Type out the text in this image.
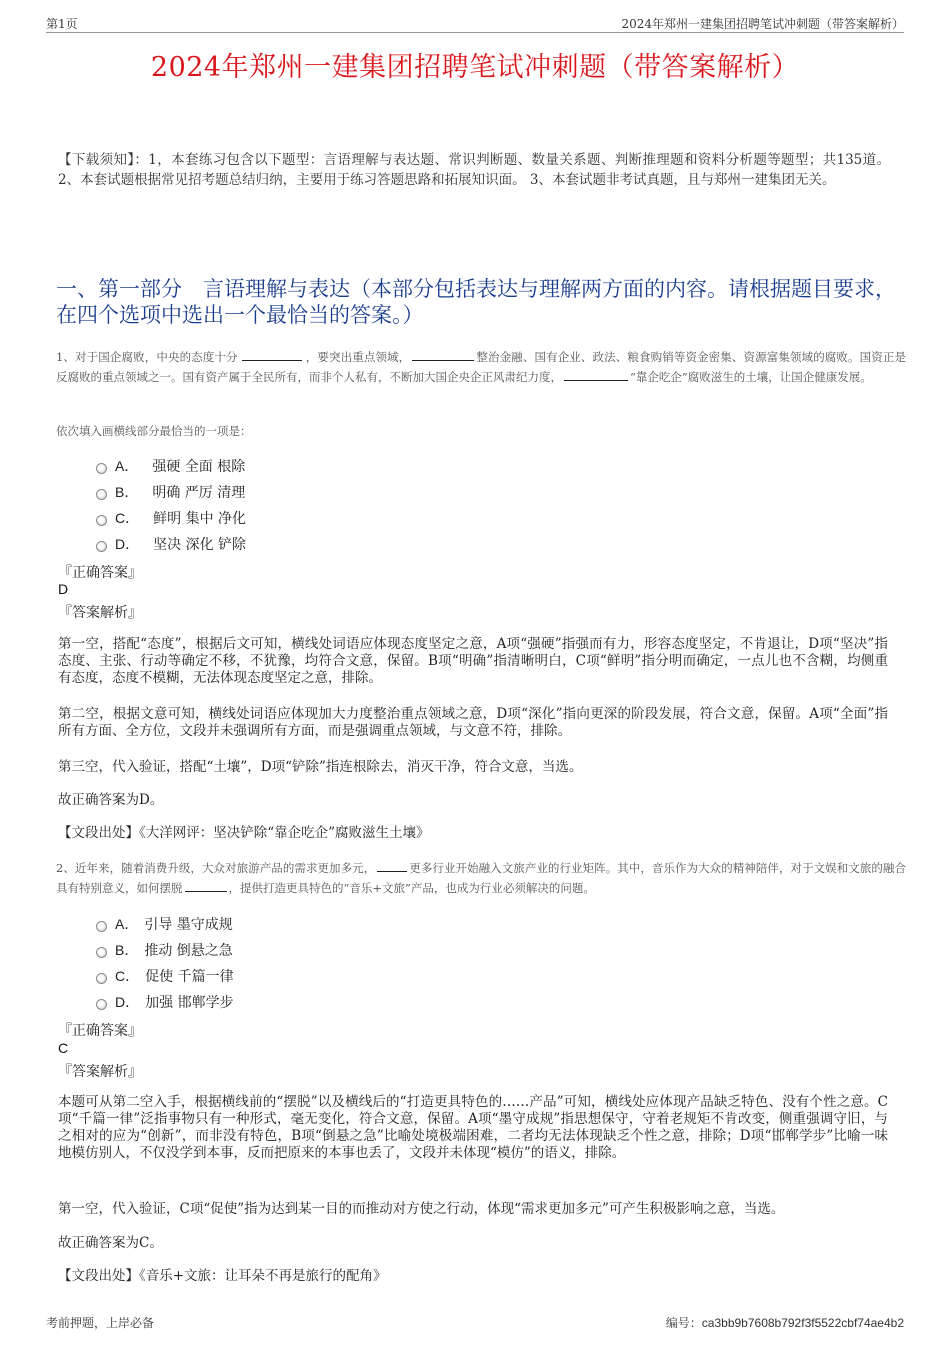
第1页	2024年郑州一建集团招聘笔试冲刺题（带答案解析）
2024年郑州一建集团招聘笔试冲刺题（带答案解析）
【下载须知】：1，本套练习包含以下题型：言语理解与表达题、常识判断题、数量关系题、判断推理题和资料分析题等题型；共135道。 2、本套试题根据常见招考题总结归纳，主要用于练习答题思路和拓展知识面。 3、本套试题非考试真题，且与郑州一建集团无关。
一、第一部分　言语理解与表达（本部分包括表达与理解两方面的内容。请根据题目要求，在四个选项中选出一个最恰当的答案。）
1、对于国企腐败，中央的态度十分	，要突出重点领域，	整治金融、国有企业、政法、粮食购销等资金密集、资源富集领域的腐败。国资正是反腐败的重点领域之一。国有资产属于全民所有，而非个人私有，不断加大国企央企正风肃纪力度，	“靠企吃企”腐败滋生的土壤，让国企健康发展。
依次填入画横线部分最恰当的一项是：
A． 强硬 全面 根除
B． 明确 严厉 清理
C． 鲜明 集中 净化
D． 坚决 深化 铲除
『正确答案』
D
『答案解析』
第一空，搭配“态度”，根据后文可知，横线处词语应体现态度坚定之意，A项“强硬”指强而有力，形容态度坚定，不肯退让，D项“坚决”指态度、主张、行动等确定不移，不犹豫，均符合文意，保留。B项“明确”指清晰明白，C项“鲜明”指分明而确定，一点儿也不含糊，均侧重有态度，态度不模糊，无法体现态度坚定之意，排除。
第二空，根据文意可知，横线处词语应体现加大力度整治重点领域之意，D项“深化”指向更深的阶段发展，符合文意，保留。A项“全面”指所有方面、全方位，文段并未强调所有方面，而是强调重点领域，与文意不符，排除。
第三空，代入验证，搭配“土壤”，D项“铲除”指连根除去，消灭干净，符合文意，当选。
故正确答案为D。
【文段出处】《大洋网评：坚决铲除“靠企吃企”腐败滋生土壤》
2、近年来，随着消费升级，大众对旅游产品的需求更加多元，	更多行业开始融入文旅产业的行业矩阵。其中，音乐作为大众的精神陪伴，对于文娱和文旅的融合具有特别意义，如何摆脱	，提供打造更具特色的“音乐+文旅”产品，也成为行业必须解决的问题。
A． 引导 墨守成规
B． 推动 倒悬之急
C． 促使 千篇一律
D． 加强 邯郸学步
『正确答案』
C
『答案解析』
本题可从第二空入手，根据横线前的“摆脱”以及横线后的“打造更具特色的……产品”可知，横线处应体现产品缺乏特色、没有个性之意。C项“千篇一律”泛指事物只有一种形式，毫无变化，符合文意，保留。A项“墨守成规”指思想保守，守着老规矩不肯改变，侧重强调守旧，与之相对的应为“创新”，而非没有特色，B项“倒悬之急”比喻处境极端困难，二者均无法体现缺乏个性之意，排除；D项“邯郸学步”比喻一味地模仿别人，不仅没学到本事，反而把原来的本事也丢了，文段并未体现“模仿”的语义，排除。
第一空，代入验证，C项“促使”指为达到某一目的而推动对方使之行动，体现“需求更加多元”可产生积极影响之意，当选。
故正确答案为C。
【文段出处】《音乐+文旅：让耳朵不再是旅行的配角》
考前押题，上岸必备	编号：ca3bb9b7608b792f3f5522cbf74ae4b2
